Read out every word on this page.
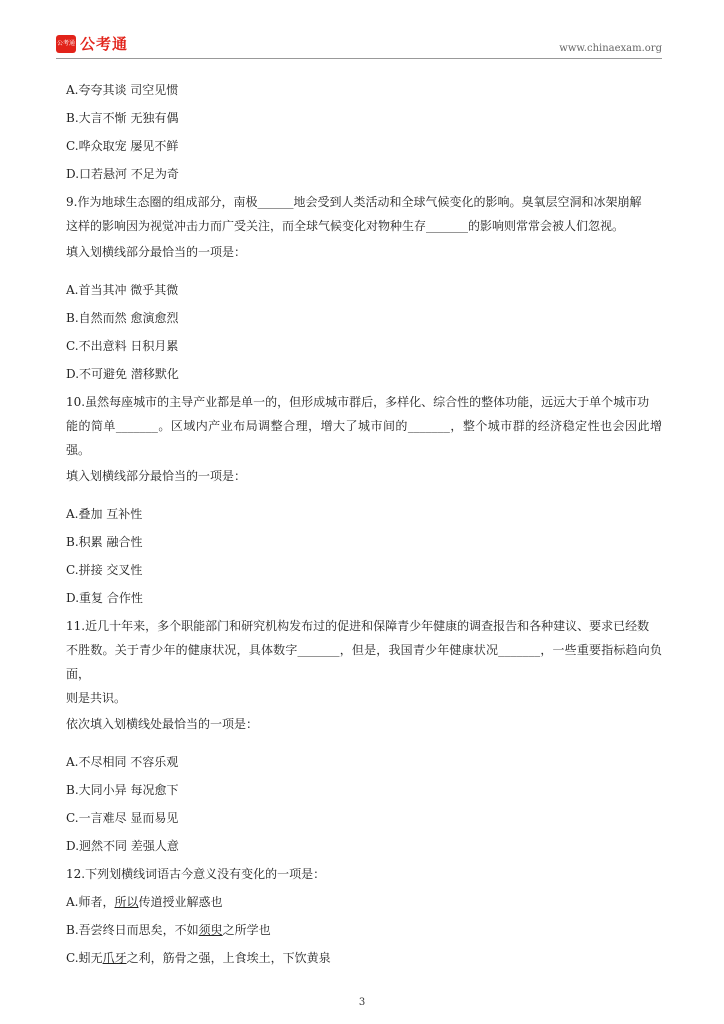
公考通 公考通	www.chinaexam.org
A.夸夸其谈 司空见惯
B.大言不惭 无独有偶
C.哗众取宠 屡见不鲜
D.口若悬河 不足为奇

9.作为地球生态圈的组成部分，南极______地会受到人类活动和全球气候变化的影响。臭氧层空洞和冰架崩解

这样的影响因为视觉冲击力而广受关注，而全球气候变化对物种生存_______的影响则常常会被人们忽视。

填入划横线部分最恰当的一项是：
A.首当其冲 微乎其微
B.自然而然 愈演愈烈
C.不出意料 日积月累
D.不可避免 潜移默化

10.虽然每座城市的主导产业都是单一的，但形成城市群后，多样化、综合性的整体功能，远远大于单个城市功

能的简单_______。区域内产业布局调整合理，增大了城市间的_______，整个城市群的经济稳定性也会因此增强。

填入划横线部分最恰当的一项是：
A.叠加 互补性
B.积累 融合性
C.拼接 交叉性
D.重复 合作性

11.近几十年来，多个职能部门和研究机构发布过的促进和保障青少年健康的调查报告和各种建议、要求已经数

不胜数。关于青少年的健康状况，具体数字_______，但是，我国青少年健康状况_______，一些重要指标趋向负面，

则是共识。

依次填入划横线处最恰当的一项是：
A.不尽相同 不容乐观
B.大同小异 每况愈下
C.一言难尽 显而易见
D.迥然不同 差强人意
12.下列划横线词语古今意义没有变化的一项是：
A.师者，所以传道授业解惑也
B.吾尝终日而思矣，不如须臾之所学也
C.蚓无爪牙之利，筋骨之强，上食埃土，下饮黄泉
3
